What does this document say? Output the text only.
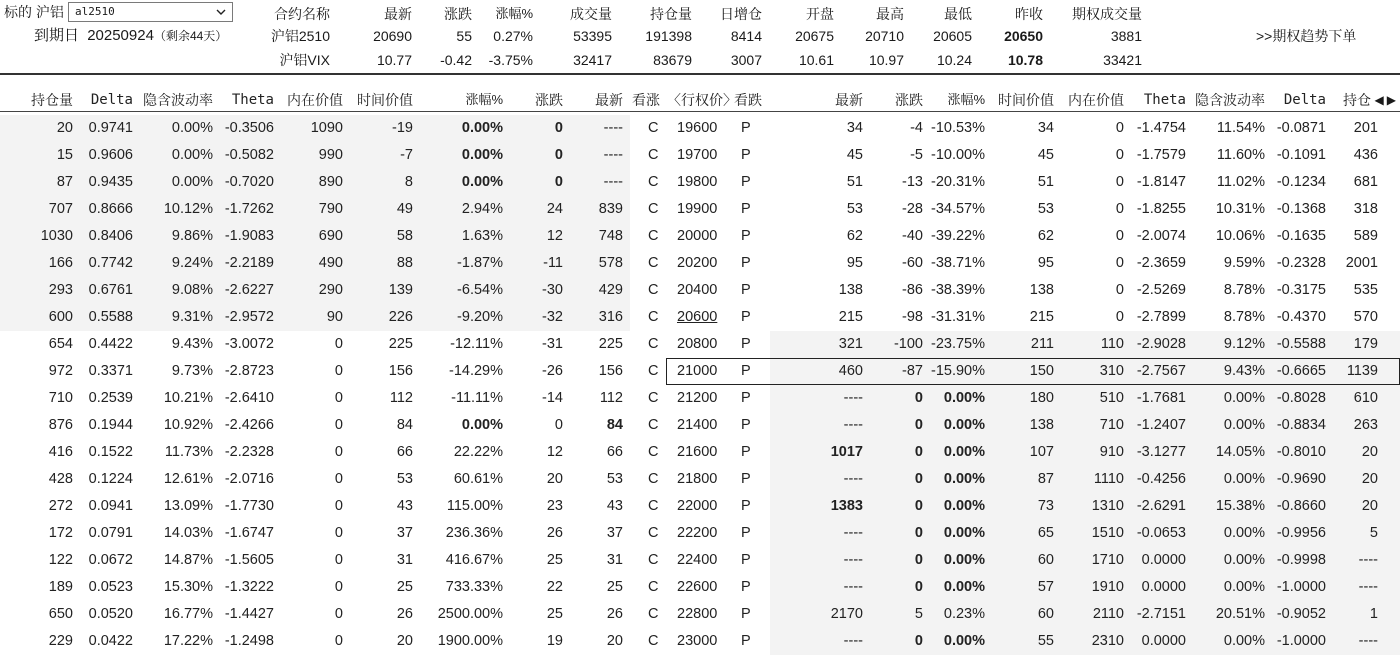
标的 沪铝	al2510
到期日 20250924（剩余44天）
合约名称	最新 涨跌 涨幅%	成交量	持仓量 日增仓	开盘	最高	最低	昨收 期权成交量
沪铝2510	20690	55 0.27%	53395 191398	8414 20675 20710 20605 20650	3881
沪铝VIX	10.77 -0.42 -3.75%	32417	83679	3007	10.61 10.97 10.24	10.78	33421
>>期权趋势下单
◀ ▶
持仓量 Delta 隐含波动率 Theta 内在价值 时间价值	涨幅% 涨跌 最新 看涨 〈行权价〉
看跌	最新 涨跌 涨幅% 时间价值 内在价值 Theta 隐含波动率 Delta 持仓
20 0.9741	0.00% -0.3506	1090	-19	0.00%	0	---- C 19600 P	34	-4 -10.53%	34	0 -1.4754 11.54% -0.0871 201
15 0.9606	0.00% -0.5082	990	-7	0.00%	0	---- C 19700 P	45	-5 -10.00%	45	0 -1.7579 11.60% -0.1091 436
87 0.9435	0.00% -0.7020	890	8	0.00%	0	---- C 19800 P	51	-13 -20.31%	51	0 -1.8147 11.02% -0.1234 681
707 0.8666 10.12% -1.7262	790	49	2.94%	24 839 C 19900 P	53	-28 -34.57%	53	0 -1.8255 10.31% -0.1368 318
1030 0.8406	9.86% -1.9083	690	58	1.63%	12 748 C 20000 P	62	-40 -39.22%	62	0 -2.0074 10.06% -0.1635 589
166 0.7742	9.24% -2.2189	490	88	-1.87%	-11 578 C 20200 P	95	-60 -38.71%	95	0 -2.3659	9.59% -0.2328 2001
293 0.6761	9.08% -2.6227	290	139	-6.54%	-30 429 C 20400 P	138	-86 -38.39%	138	0 -2.5269	8.78% -0.3175 535
600 0.5588	9.31% -2.9572	90	226	-9.20%	-32 316 C 20600 P	215	-98 -31.31%	215	0 -2.7899	8.78% -0.4370 570
654 0.4422	9.43% -3.0072	0	225	-12.11%	-31 225 C 20800 P	321 -100 -23.75%	211	110 -2.9028	9.12% -0.5588 179
972 0.3371	9.73% -2.8723	0	156 -14.29%	-26 156 C 21000 P	460	-87 -15.90%	150	310 -2.7567	9.43% -0.6665 1139
710 0.2539 10.21% -2.6410	0	112	-11.11%	-14	112 C 21200 P	----	0 0.00%	180	510 -1.7681	0.00% -0.8028 610
876 0.1944 10.92% -2.4266	0	84	0.00%	0	84 C 21400 P	----	0 0.00%	138	710 -1.2407	0.00% -0.8834 263
416 0.1522 11.73% -2.2328	0	66	22.22%	12	66 C 21600 P	1017	0 0.00%	107	910 -3.1277 14.05% -0.8010 20
428 0.1224 12.61% -2.0716	0	53	60.61%	20	53 C 21800 P	----	0 0.00%	87	1110 -0.4256	0.00% -0.9690 20
272 0.0941 13.09% -1.7730	0	43 115.00%	23	43 C 22000 P	1383	0 0.00%	73	1310 -2.6291 15.38% -0.8660 20
172 0.0791 14.03% -1.6747	0	37 236.36%	26	37 C 22200 P	----	0 0.00%	65	1510 -0.0653	0.00% -0.9956	5
122 0.0672 14.87% -1.5605	0	31 416.67%	25	31 C 22400 P	----	0 0.00%	60	1710 0.0000	0.00% -0.9998 ----
189 0.0523 15.30% -1.3222	0	25 733.33%	22	25 C 22600 P	----	0 0.00%	57	1910 0.0000	0.00% -1.0000 ----
650 0.0520 16.77% -1.4427	0	26 2500.00%	25	26 C 22800 P	2170	5 0.23%	60	2110 -2.7151 20.51% -0.9052	1
229 0.0422 17.22% -1.2498	0	20 1900.00%	19	20 C 23000 P	----	0 0.00%	55	2310 0.0000	0.00% -1.0000 ----
